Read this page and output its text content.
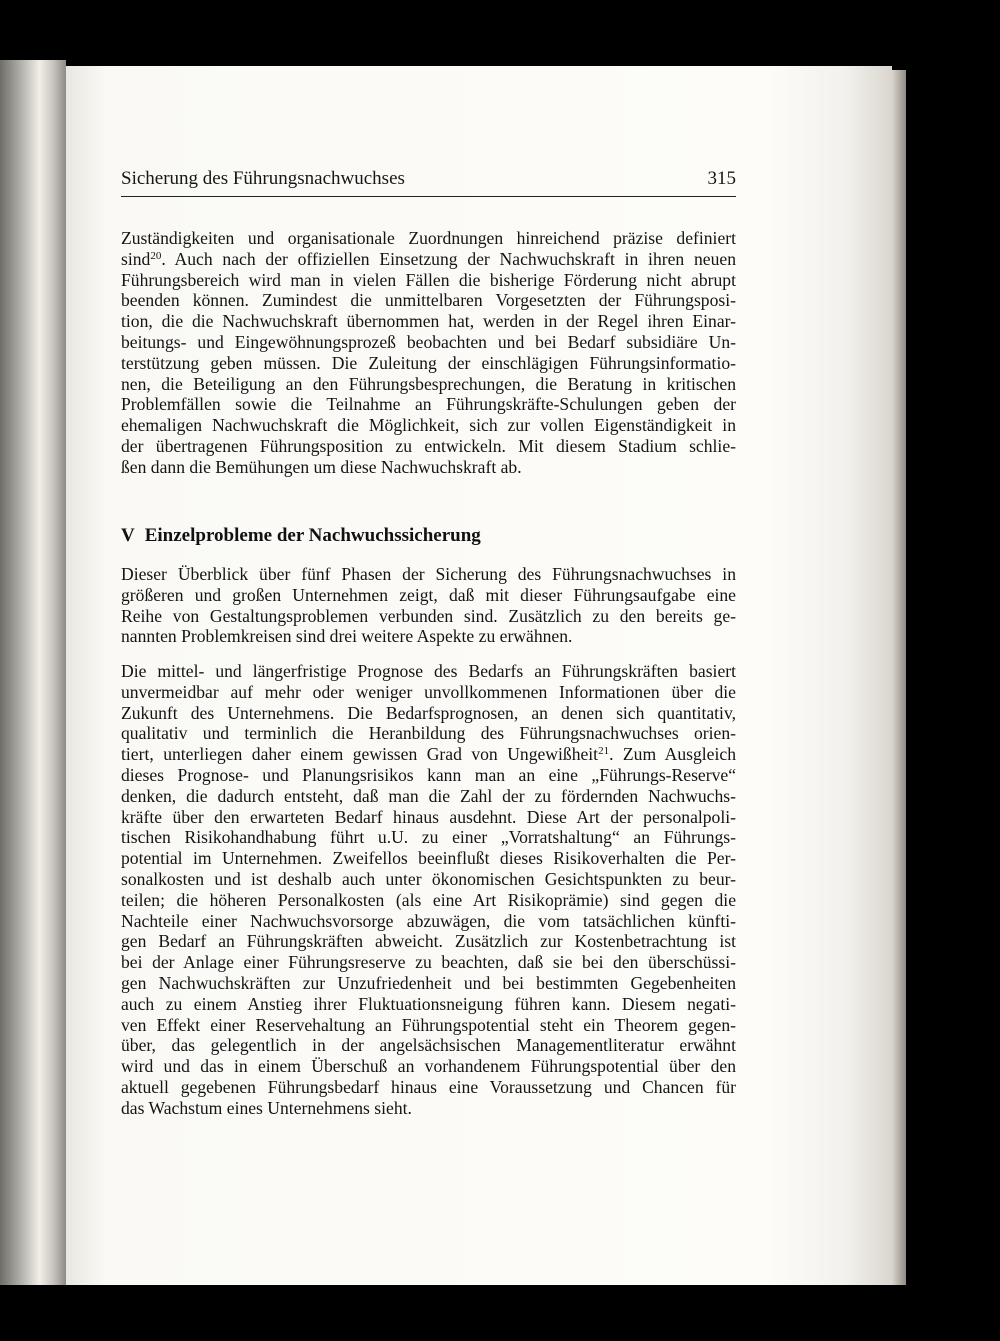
Sicherung des Führungsnachwuchses	315
Zuständigkeiten und organisationale Zuordnungen hinreichend präzise definiert
sind$^{20}$. Auch nach der offiziellen Einsetzung der Nachwuchskraft in ihren neuen
Führungsbereich wird man in vielen Fällen die bisherige Förderung nicht abrupt
beenden können. Zumindest die unmittelbaren Vorgesetzten der Führungsposi-
tion, die die Nachwuchskraft übernommen hat, werden in der Regel ihren Einar-
beitungs- und Eingewöhnungsprozeß beobachten und bei Bedarf subsidiäre Un-
terstützung geben müssen. Die Zuleitung der einschlägigen Führungsinformatio-
nen, die Beteiligung an den Führungsbesprechungen, die Beratung in kritischen
Problemfällen sowie die Teilnahme an Führungskräfte-Schulungen geben der
ehemaligen Nachwuchskraft die Möglichkeit, sich zur vollen Eigenständigkeit in
der übertragenen Führungsposition zu entwickeln. Mit diesem Stadium schlie-
ßen dann die Bemühungen um diese Nachwuchskraft ab.
V Einzelprobleme der Nachwuchssicherung
Dieser Überblick über fünf Phasen der Sicherung des Führungsnachwuchses in
größeren und großen Unternehmen zeigt, daß mit dieser Führungsaufgabe eine
Reihe von Gestaltungsproblemen verbunden sind. Zusätzlich zu den bereits ge-
nannten Problemkreisen sind drei weitere Aspekte zu erwähnen.
Die mittel- und längerfristige Prognose des Bedarfs an Führungskräften basiert
unvermeidbar auf mehr oder weniger unvollkommenen Informationen über die
Zukunft des Unternehmens. Die Bedarfsprognosen, an denen sich quantitativ,
qualitativ und terminlich die Heranbildung des Führungsnachwuchses orien-
tiert, unterliegen daher einem gewissen Grad von Ungewißheit$^{21}$. Zum Ausgleich
dieses Prognose- und Planungsrisikos kann man an eine „Führungs-Reserve“
denken, die dadurch entsteht, daß man die Zahl der zu fördernden Nachwuchs-
kräfte über den erwarteten Bedarf hinaus ausdehnt. Diese Art der personalpoli-
tischen Risikohandhabung führt u.U. zu einer „Vorratshaltung“ an Führungs-
potential im Unternehmen. Zweifellos beeinflußt dieses Risikoverhalten die Per-
sonalkosten und ist deshalb auch unter ökonomischen Gesichtspunkten zu beur-
teilen; die höheren Personalkosten (als eine Art Risikoprämie) sind gegen die
Nachteile einer Nachwuchsvorsorge abzuwägen, die vom tatsächlichen künfti-
gen Bedarf an Führungskräften abweicht. Zusätzlich zur Kostenbetrachtung ist
bei der Anlage einer Führungsreserve zu beachten, daß sie bei den überschüssi-
gen Nachwuchskräften zur Unzufriedenheit und bei bestimmten Gegebenheiten
auch zu einem Anstieg ihrer Fluktuationsneigung führen kann. Diesem negati-
ven Effekt einer Reservehaltung an Führungspotential steht ein Theorem gegen-
über, das gelegentlich in der angelsächsischen Managementliteratur erwähnt
wird und das in einem Überschuß an vorhandenem Führungspotential über den
aktuell gegebenen Führungsbedarf hinaus eine Voraussetzung und Chancen für
das Wachstum eines Unternehmens sieht.
